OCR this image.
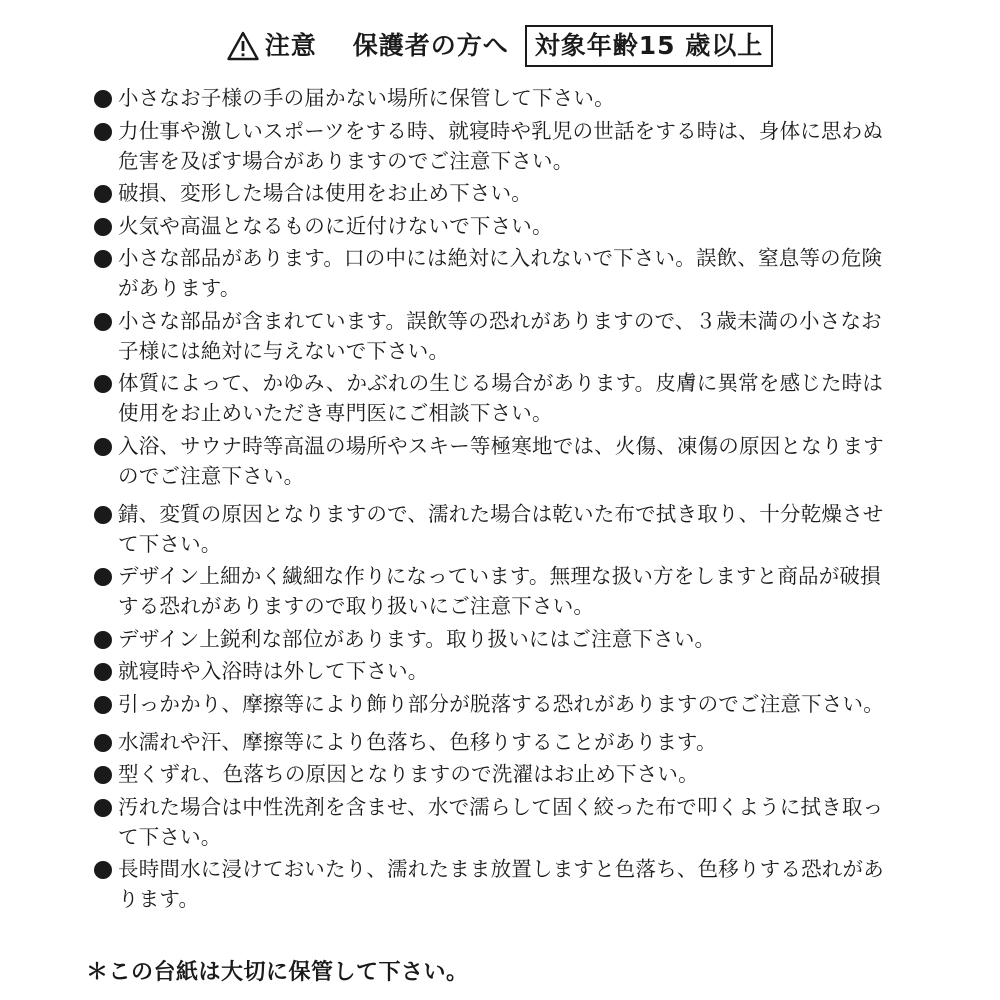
注意 保護者の方へ	対象年齢15 歳以上
小さなお子様の手の届かない場所に保管して下さい。
力仕事や激しいスポーツをする時、就寝時や乳児の世話をする時は、身体に思わぬ危害を及ぼす場合がありますのでご注意下さい。
破損、変形した場合は使用をお止め下さい。
火気や高温となるものに近付けないで下さい。
小さな部品があります。口の中には絶対に入れないで下さい。誤飲、窒息等の危険があります。
小さな部品が含まれています。誤飲等の恐れがありますので、３歳未満の小さなお子様には絶対に与えないで下さい。
体質によって、かゆみ、かぶれの生じる場合があります。皮膚に異常を感じた時は使用をお止めいただき専門医にご相談下さい。
入浴、サウナ時等高温の場所やスキー等極寒地では、火傷、凍傷の原因となりますのでご注意下さい。
錆、変質の原因となりますので、濡れた場合は乾いた布で拭き取り、十分乾燥させて下さい。
デザイン上細かく繊細な作りになっています。無理な扱い方をしますと商品が破損する恐れがありますので取り扱いにご注意下さい。
デザイン上鋭利な部位があります。取り扱いにはご注意下さい。
就寝時や入浴時は外して下さい。
引っかかり、摩擦等により飾り部分が脱落する恐れがありますのでご注意下さい。
水濡れや汗、摩擦等により色落ち、色移りすることがあります。
型くずれ、色落ちの原因となりますので洗濯はお止め下さい。
汚れた場合は中性洗剤を含ませ、水で濡らして固く絞った布で叩くように拭き取って下さい。
長時間水に浸けておいたり、濡れたまま放置しますと色落ち、色移りする恐れがあります。
＊この台紙は大切に保管して下さい。
